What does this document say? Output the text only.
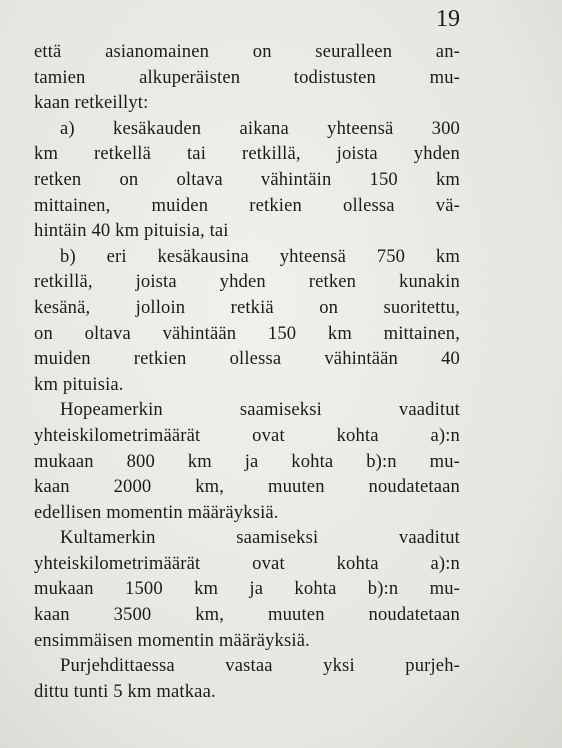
19

että asianomainen on seuralleen an-
tamien alkuperäisten todistusten mu-
kaan retkeillyt:

a) kesäkauden aikana yhteensä 300
km retkellä tai retkillä, joista yhden
retken on oltava vähintäin 150 km
mittainen, muiden retkien ollessa vä-
hintäin 40 km pituisia, tai

b) eri kesäkausina yhteensä 750 km
retkillä, joista yhden retken kunakin
kesänä, jolloin retkiä on suoritettu,
on oltava vähintään 150 km mittainen,
muiden retkien ollessa vähintään 40
km pituisia.

Hopeamerkin saamiseksi vaaditut
yhteiskilometrimäärät ovat kohta a):n
mukaan 800 km ja kohta b):n mu-
kaan 2000 km, muuten noudatetaan
edellisen momentin määräyksiä.

Kultamerkin saamiseksi vaaditut
yhteiskilometrimäärät ovat kohta a):n
mukaan 1500 km ja kohta b):n mu-
kaan 3500 km, muuten noudatetaan
ensimmäisen momentin määräyksiä.

Purjehdittaessa vastaa yksi purjeh-
dittu tunti 5 km matkaa.
